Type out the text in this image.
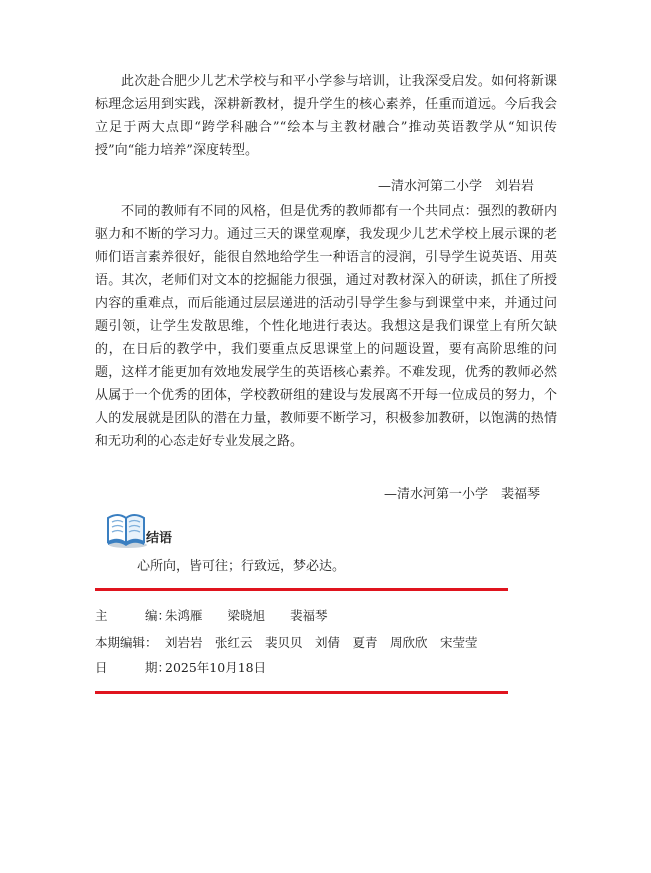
此次赴合肥少儿艺术学校与和平小学参与培训，让我深受启发。如何将新课标理念运用到实践，深耕新教材，提升学生的核心素养，任重而道远。今后我会立足于两大点即“跨学科融合”“绘本与主教材融合”推动英语教学从“知识传授”向“能力培养”深度转型。

—清水河第二小学　刘岩岩

不同的教师有不同的风格，但是优秀的教师都有一个共同点：强烈的教研内驱力和不断的学习力。通过三天的课堂观摩，我发现少儿艺术学校上展示课的老师们语言素养很好，能很自然地给学生一种语言的浸润，引导学生说英语、用英语。其次，老师们对文本的挖掘能力很强，通过对教材深入的研读，抓住了所授内容的重难点，而后能通过层层递进的活动引导学生参与到课堂中来，并通过问题引领，让学生发散思维，个性化地进行表达。我想这是我们课堂上有所欠缺的，在日后的教学中，我们要重点反思课堂上的问题设置，要有高阶思维的问题，这样才能更加有效地发展学生的英语核心素养。不难发现，优秀的教师必然从属于一个优秀的团体，学校教研组的建设与发展离不开每一位成员的努力，个人的发展就是团队的潜在力量，教师要不断学习，积极参加教研，以饱满的热情和无功利的心态走好专业发展之路。

—清水河第一小学　裴福琴
结语
心所向，皆可往；行致远，梦必达。
主　　　编：朱鸿雁　　梁晓旭　　裴福琴
本期编辑： 刘岩岩　张红云　裴贝贝　刘倩　夏青　周欣欣　宋莹莹
日　　　期：2025年10月18日
